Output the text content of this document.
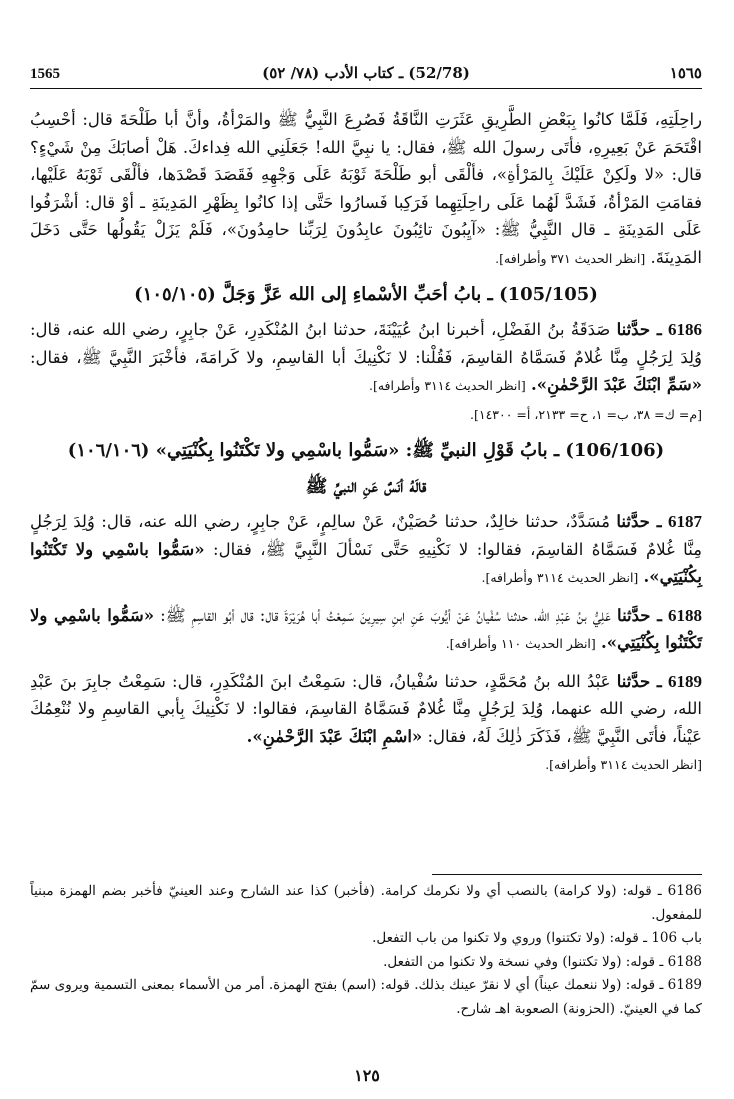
1565	(52/78) ـ كتاب الأدب (٧٨/ ٥٢)	١٥٦٥

راحِلَتِهِ، فَلَمَّا كانُوا بِبَعْضِ الطَّرِيقِ عَثَرَتِ النَّاقَةُ فَصُرِعَ النَّبِيُّ ﷺ والمَرْأةُ، وأنَّ أبا طَلْحَةَ قال: أحْسِبُ اقْتَحَمَ عَنْ بَعِيرِهِ، فأتَى رسولَ الله ﷺ، فقال: يا نبِيَّ الله! جَعَلَنِي الله فِداءكَ. هَلْ أصابَكَ مِنْ شَيْءٍ؟ قال: «لا ولَكِنْ عَلَيْكَ بِالمَرْأةِ»، فألْقَى أبو طَلْحَةَ ثَوْبَهُ عَلَى وَجْهِهِ فَقَصَدَ قَصْدَها، فألْقَى ثَوْبَهُ عَلَيْها، فقامَتِ المَرْأةُ، فَشَدَّ لَهُما عَلَى راحِلَتِهِما فَرَكِبا فَسارُوا حَتَّى إذا كانُوا بِظَهْرِ المَدِينَةِ ـ أوْ قال: أشْرَفُوا عَلَى المَدِينَةِ ـ قال النَّبِيُّ ﷺ: «آيِبُونَ تائِبُونَ عابِدُونَ لِرَبِّنا حامِدُونَ»، فَلَمْ يَزَلْ يَقُولُها حَتَّى دَخَلَ المَدِينَةَ. [انظر الحديث ٣٧١ وأطرافه].

(105/105) ـ بابُ أحَبِّ الأسْماءِ إلى الله عَزَّ وَجَلَّ (١٠٥/١٠٥)

6186 ـ حدَّثنا صَدَقَةُ بنُ الفَضْلِ، أخبرنا ابنُ عُيَيْنَةَ، حدثنا ابنُ المُنْكَدِرِ، عَنْ جابِرٍ، رضي الله عنه، قال: وُلِدَ لِرَجُلٍ مِنَّا غُلامٌ فَسَمَّاهُ القاسِمَ، فَقُلْنا: لا نَكْنِيكَ أبا القاسِمِ، ولا كَرامَةَ، فأخْبَرَ النَّبِيَّ ﷺ، فقال: «سَمِّ ابْنَكَ عَبْدَ الرَّحْمٰنِ». [انظر الحديث ٣١١٤ وأطرافه].
[م= ك= ٣٨، ب= ١، ح= ٢١٣٣، أ= ١٤٣٠٠].

(106/106) ـ بابُ قَوْلِ النبيِّ ﷺ: «سَمُّوا باسْمِي ولا تَكْتَنُوا بِكُنْيَتِي» (١٠٦/١٠٦)
قالَهُ أنَسٌ عَنِ النبيِّ ﷺ

6187 ـ حدَّثنا مُسَدَّدٌ، حدثنا خالِدٌ، حدثنا حُصَيْنٌ، عَنْ سالِمٍ، عَنْ جابِرٍ، رضي الله عنه، قال: وُلِدَ لِرَجُلٍ مِنَّا غُلامٌ فَسَمَّاهُ القاسِمَ، فقالوا: لا نَكْنِيهِ حَتَّى نَسْألَ النَّبِيَّ ﷺ، فقال: «سَمُّوا باسْمِي ولا تَكْتَنُوا بِكُنْيَتِي». [انظر الحديث ٣١١٤ وأطرافه].

6188 ـ حدَّثنا عَلِيُّ بنُ عَبْدِ الله، حدثنا سُفْيانُ عَنْ أيُّوبَ عَنِ ابنِ سِيرِينَ سَمِعْتُ أبا هُرَيْرَةَ قال: قال أبُو القاسِمِ ﷺ: «سَمُّوا باسْمِي ولا تَكْتَنُوا بِكُنْيَتِي». [انظر الحديث ١١٠ وأطرافه].

6189 ـ حدَّثنا عَبْدُ الله بنُ مُحَمَّدٍ، حدثنا سُفْيانُ، قال: سَمِعْتُ ابنَ المُنْكَدِرِ، قال: سَمِعْتُ جابِرَ بنَ عَبْدِ الله، رضي الله عنهما، وُلِدَ لِرَجُلٍ مِنَّا غُلامٌ فَسَمَّاهُ القاسِمَ، فقالوا: لا نَكْنِيكَ بِأبي القاسِمِ ولا نُنْعِمُكَ عَيْناً، فأتَى النَّبِيَّ ﷺ، فَذَكَرَ ذٰلِكَ لَهُ، فقال: «اسْمِ ابْنَكَ عَبْدَ الرَّحْمٰنِ».
[انظر الحديث ٣١١٤ وأطرافه].

6186 ـ قوله: (ولا كرامة) بالنصب أي ولا نكرمك كرامة. (فأخبر) كذا عند الشارح وعند العينيّ فأخبر بضم الهمزة مبنياً للمفعول.

باب 106 ـ قوله: (ولا تكتنوا) وروي ولا تكنوا من باب التفعل.

6188 ـ قوله: (ولا تكتنوا) وفي نسخة ولا تكنوا من التفعل.

6189 ـ قوله: (ولا ننعمك عيناً) أي لا نقرّ عينك بذلك. قوله: (اسم) بفتح الهمزة. أمر من الأسماء بمعنى التسمية ويروى سمّ كما في العينيّ. (الحزونة) الصعوبة اهـ شارح.

١٢٥
